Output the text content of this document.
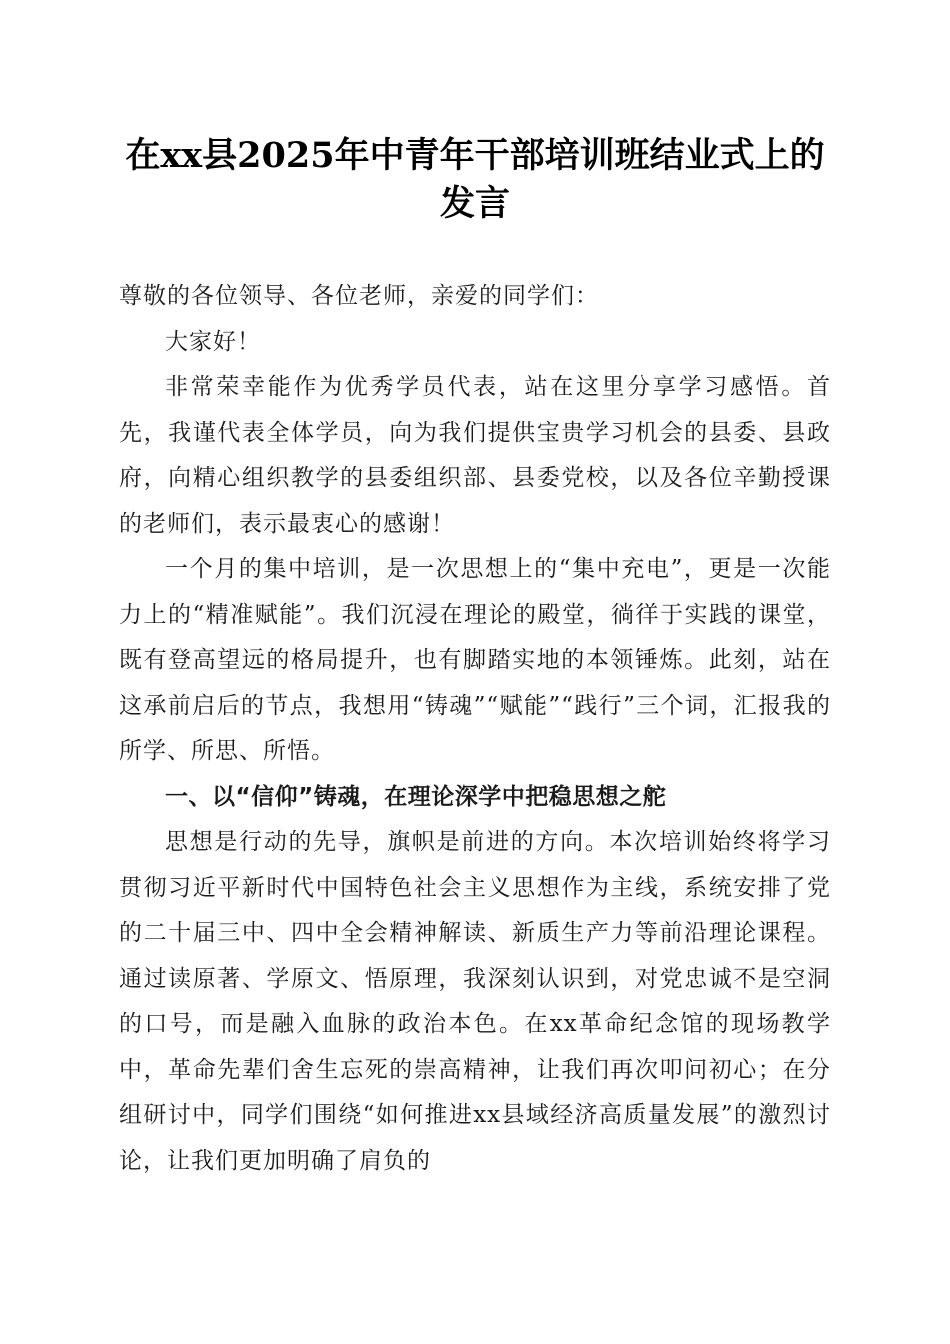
在xx县2025年中青年干部培训班结业式上的
发言

尊敬的各位领导、各位老师，亲爱的同学们：

大家好！

非常荣幸能作为优秀学员代表，站在这里分享学习感悟。首先，我谨代表全体学员，向为我们提供宝贵学习机会的县委、县政府，向精心组织教学的县委组织部、县委党校，以及各位辛勤授课的老师们，表示最衷心的感谢！

一个月的集中培训，是一次思想上的“集中充电”，更是一次能力上的“精准赋能”。我们沉浸在理论的殿堂，徜徉于实践的课堂，既有登高望远的格局提升，也有脚踏实地的本领锤炼。此刻，站在这承前启后的节点，我想用“铸魂”“赋能”“践行”三个词，汇报我的所学、所思、所悟。

一、以“信仰”铸魂，在理论深学中把稳思想之舵

思想是行动的先导，旗帜是前进的方向。本次培训始终将学习贯彻习近平新时代中国特色社会主义思想作为主线，系统安排了党的二十届三中、四中全会精神解读、新质生产力等前沿理论课程。通过读原著、学原文、悟原理，我深刻认识到，对党忠诚不是空洞的口号，而是融入血脉的政治本色。在xx革命纪念馆的现场教学中，革命先辈们舍生忘死的崇高精神，让我们再次叩问初心；在分组研讨中，同学们围绕“如何推进xx县域经济高质量发展”的激烈讨论，让我们更加明确了肩负的
